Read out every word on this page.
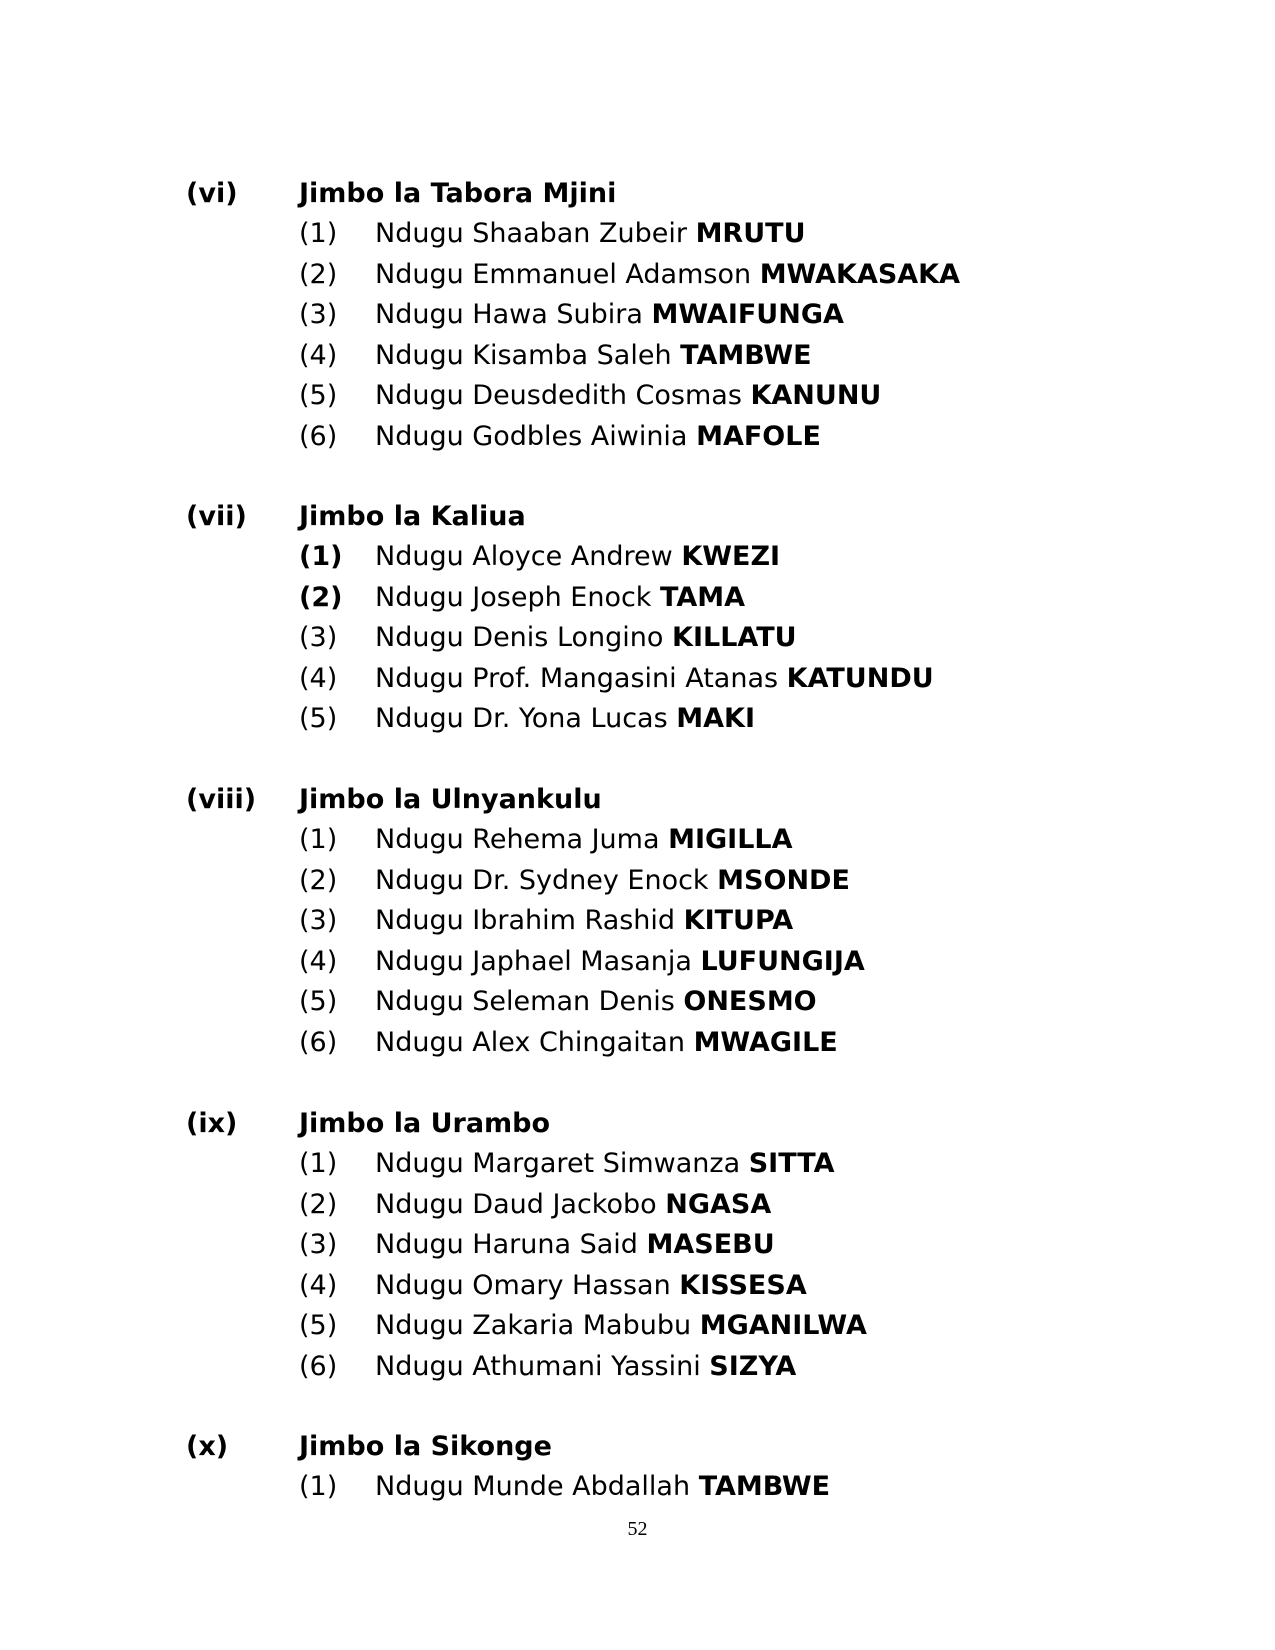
(vi) Jimbo la Tabora Mjini
(1) Ndugu Shaaban Zubeir MRUTU
(2) Ndugu Emmanuel Adamson MWAKASAKA
(3) Ndugu Hawa Subira MWAIFUNGA
(4) Ndugu Kisamba Saleh TAMBWE
(5) Ndugu Deusdedith Cosmas KANUNU
(6) Ndugu Godbles Aiwinia MAFOLE
(vii) Jimbo la Kaliua
(1) Ndugu Aloyce Andrew KWEZI
(2) Ndugu Joseph Enock TAMA
(3) Ndugu Denis Longino KILLATU
(4) Ndugu Prof. Mangasini Atanas KATUNDU
(5) Ndugu Dr. Yona Lucas MAKI
(viii) Jimbo la Ulnyankulu
(1) Ndugu Rehema Juma MIGILLA
(2) Ndugu Dr. Sydney Enock MSONDE
(3) Ndugu Ibrahim Rashid KITUPA
(4) Ndugu Japhael Masanja LUFUNGIJA
(5) Ndugu Seleman Denis ONESMO
(6) Ndugu Alex Chingaitan MWAGILE
(ix) Jimbo la Urambo
(1) Ndugu Margaret Simwanza SITTA
(2) Ndugu Daud Jackobo NGASA
(3) Ndugu Haruna Said MASEBU
(4) Ndugu Omary Hassan KISSESA
(5) Ndugu Zakaria Mabubu MGANILWA
(6) Ndugu Athumani Yassini SIZYA
(x)	Jimbo la Sikonge
(1) Ndugu Munde Abdallah TAMBWE
52
